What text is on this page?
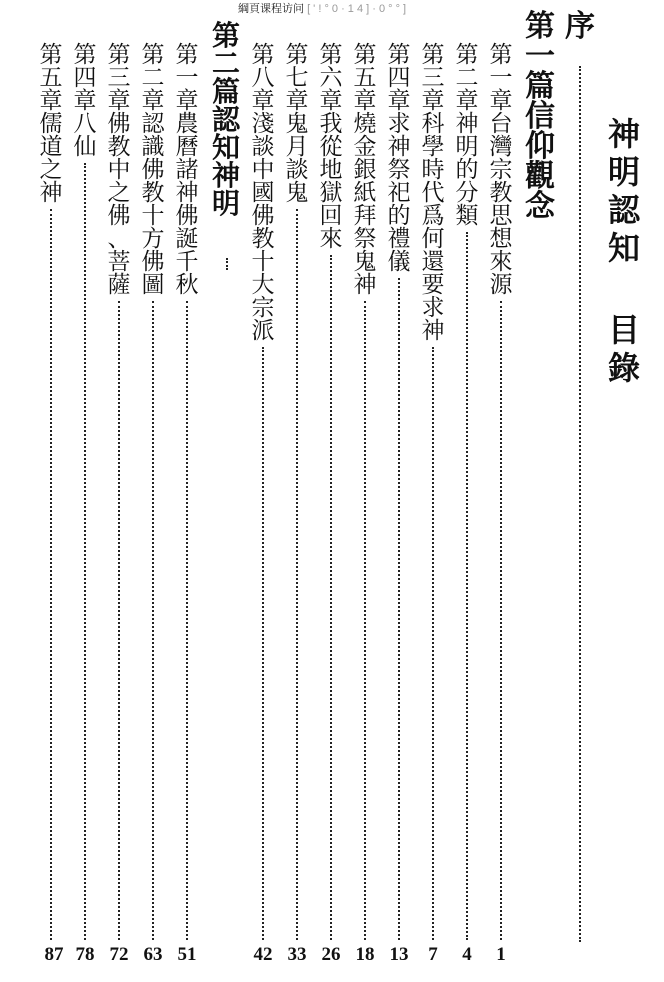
綱頁课程访问 [ ' ! ° 0 · 1 4 ] · 0 ° ° ]
神
明
認
知
目
錄
序
第
一
篇
信
仰
觀
念
第
一
章
台
灣
宗
教
思
想
來
源
1
第
二
章
神
明
的
分
類
4
第
三
章
科
學
時
代
爲
何
還
要
求
神
7
第
四
章
求
神
祭
祀
的
禮
儀
13
第
五
章
燒
金
銀
紙
拜
祭
鬼
神
18
第
六
章
我
從
地
獄
回
來
26
第
七
章
鬼
月
談
鬼
33
第
八
章
淺
談
中
國
佛
教
十
大
宗
派
42
第
二
篇
認
知
神
明
第
一
章
農
曆
諸
神
佛
誕
千
秋
51
第
二
章
認
識
佛
教
十
方
佛
圖
63
第
三
章
佛
教
中
之
佛
、
菩
薩
72
第
四
章
八
仙
78
第
五
章
儒
道
之
神
87
